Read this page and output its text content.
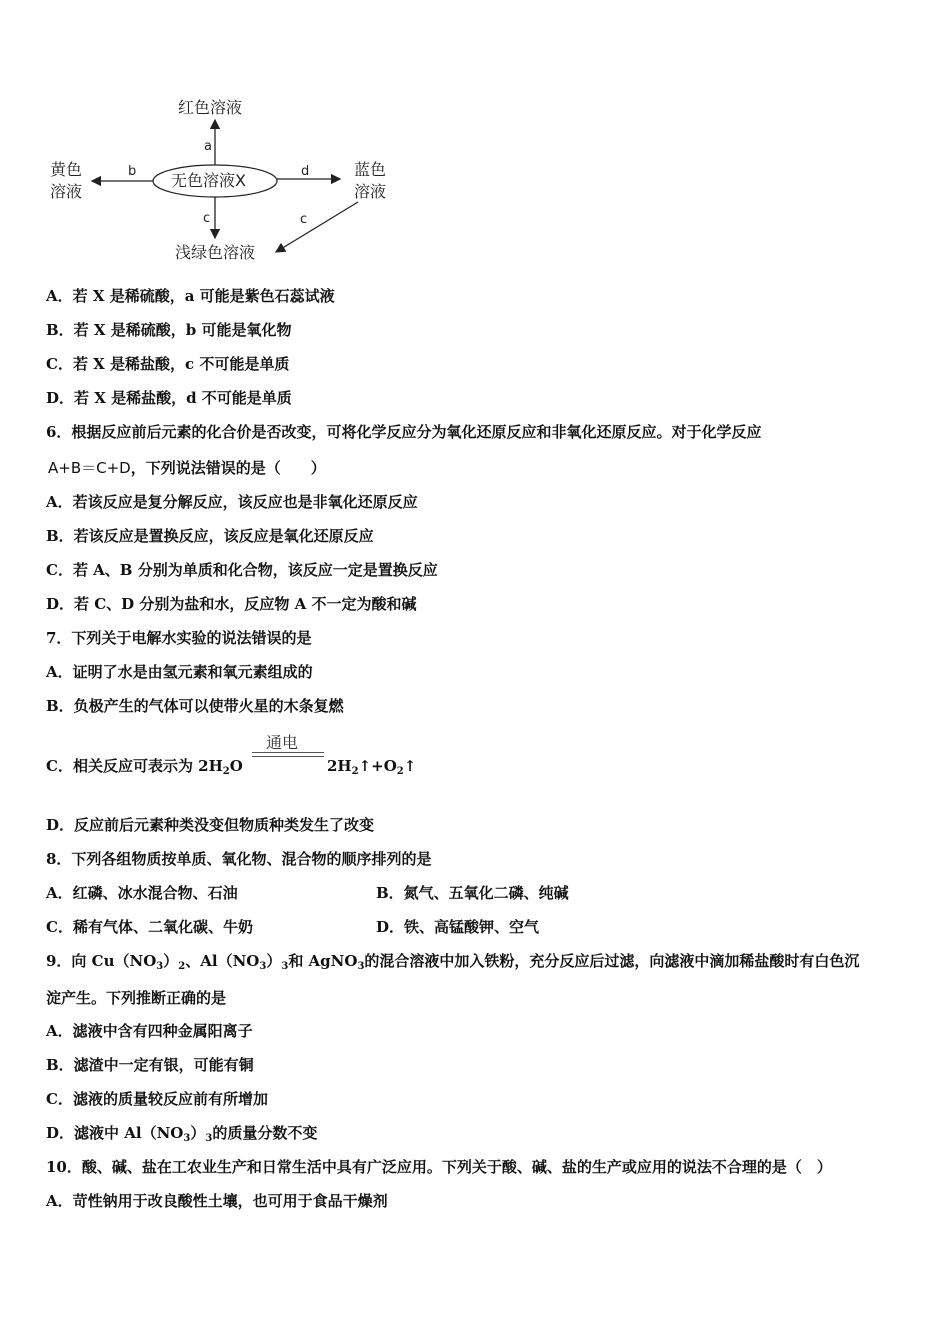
红色溶液
a
黄色
溶液
b 无色溶液X	d	蓝色
溶液
c	c
浅绿色溶液
A．若 X 是稀硫酸，a 可能是紫色石蕊试液
B．若 X 是稀硫酸，b 可能是氧化物
C．若 X 是稀盐酸，c 不可能是单质
D．若 X 是稀盐酸，d 不可能是单质
6．根据反应前后元素的化合价是否改变，可将化学反应分为氧化还原反应和非氧化还原反应。对于化学反应
A+B＝C+D，下列说法错误的是（　　）
A．若该反应是复分解反应，该反应也是非氧化还原反应
B．若该反应是置换反应，该反应是氧化还原反应
C．若 A、B 分别为单质和化合物，该反应一定是置换反应
D．若 C、D 分别为盐和水，反应物 A 不一定为酸和碱
7．下列关于电解水实验的说法错误的是
A．证明了水是由氢元素和氧元素组成的
B．负极产生的气体可以使带火星的木条复燃
C．相关反应可表示为 $2H_2O$
通电
$2H_2↑+O_2↑$
D．反应前后元素种类没变但物质种类发生了改变
8．下列各组物质按单质、氧化物、混合物的顺序排列的是
A．红磷、冰水混合物、石油	B．氮气、五氧化二磷、纯碱
C．稀有气体、二氧化碳、牛奶	D．铁、高锰酸钾、空气
9．向 $Cu(NO_3)_2$、$Al(NO_3)_3$和 AgNO$_3$的混合溶液中加入铁粉，充分反应后过滤，向滤液中滴加稀盐酸时有白色沉
淀产生。下列推断正确的是
A．滤液中含有四种金属阳离子
B．滤渣中一定有银，可能有铜
C．滤液的质量较反应前有所增加
D．滤液中 $Al(NO_3)_3$的质量分数不变
10．酸、碱、盐在工农业生产和日常生活中具有广泛应用。下列关于酸、碱、盐的生产或应用的说法不合理的是（　）
A．苛性钠用于改良酸性土壤，也可用于食品干燥剂
